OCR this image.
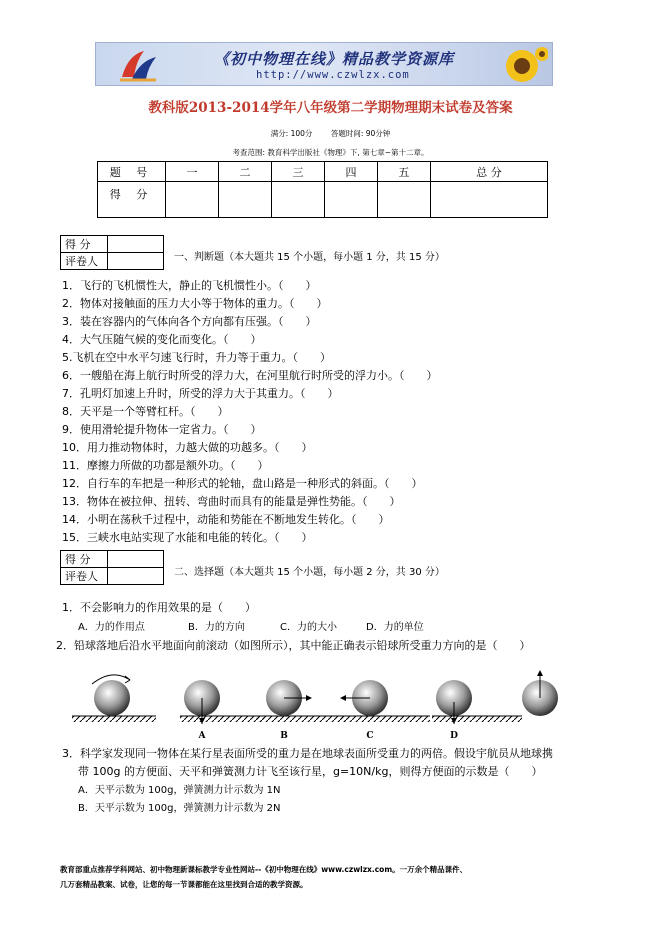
《初中物理在线》精品教学资源库
http://www.czwlzx.com
教科版2013-2014学年八年级第二学期物理期末试卷及答案
满分: 100分 答题时间: 90分钟
考查范围: 教育科学出版社《物理》下, 第七章~第十二章。
题 号	一	二	三	四	五	总 分
得 分						
得 分	
评卷人		一、判断题（本大题共 15 个小题，每小题 1 分，共 15 分）
1．飞行的飞机惯性大，静止的飞机惯性小。（　　）
2．物体对接触面的压力大小等于物体的重力。（　　）
3．装在容器内的气体向各个方向都有压强。（　　）
4．大气压随气候的变化而变化。（　　）
5.飞机在空中水平匀速飞行时，升力等于重力。（　　）
6．一艘船在海上航行时所受的浮力大，在河里航行时所受的浮力小。（　　）
7．孔明灯加速上升时，所受的浮力大于其重力。（　　）
8．天平是一个等臂杠杆。（　　）
9．使用滑轮提升物体一定省力。（　　）
10．用力推动物体时，力越大做的功越多。（　　）
11．摩擦力所做的功都是额外功。（　　）
12．自行车的车把是一种形式的轮轴，盘山路是一种形式的斜面。（　　）
13．物体在被拉伸、扭转、弯曲时而具有的能量是弹性势能。（　　）
14．小明在荡秋千过程中，动能和势能在不断地发生转化。（　　）
15．三峡水电站实现了水能和电能的转化。（　　）
得 分	
评卷人		二、选择题（本大题共 15 个小题，每小题 2 分，共 30 分）
1．不会影响力的作用效果的是（　　）
A．力的作用点	B．力的方向	C．力的大小	D．力的单位
2．铅球落地后沿水平地面向前滚动（如图所示），其中能正确表示铅球所受重力方向的是（　　）
A	B	C	D
3．科学家发现同一物体在某行星表面所受的重力是在地球表面所受重力的两倍。假设宇航员从地球携
带 100g 的方便面、天平和弹簧测力计飞至该行星，g=10N/kg，则得方便面的示数是（　　）
A．天平示数为 100g，弹簧测力计示数为 1N
B．天平示数为 100g，弹簧测力计示数为 2N
教育部重点推荐学科网站、初中物理新课标教学专业性网站--《初中物理在线》www.czwlzx.com。一万余个精品课件、
几万套精品教案、试卷，让您的每一节课都能在这里找到合适的教学资源。
